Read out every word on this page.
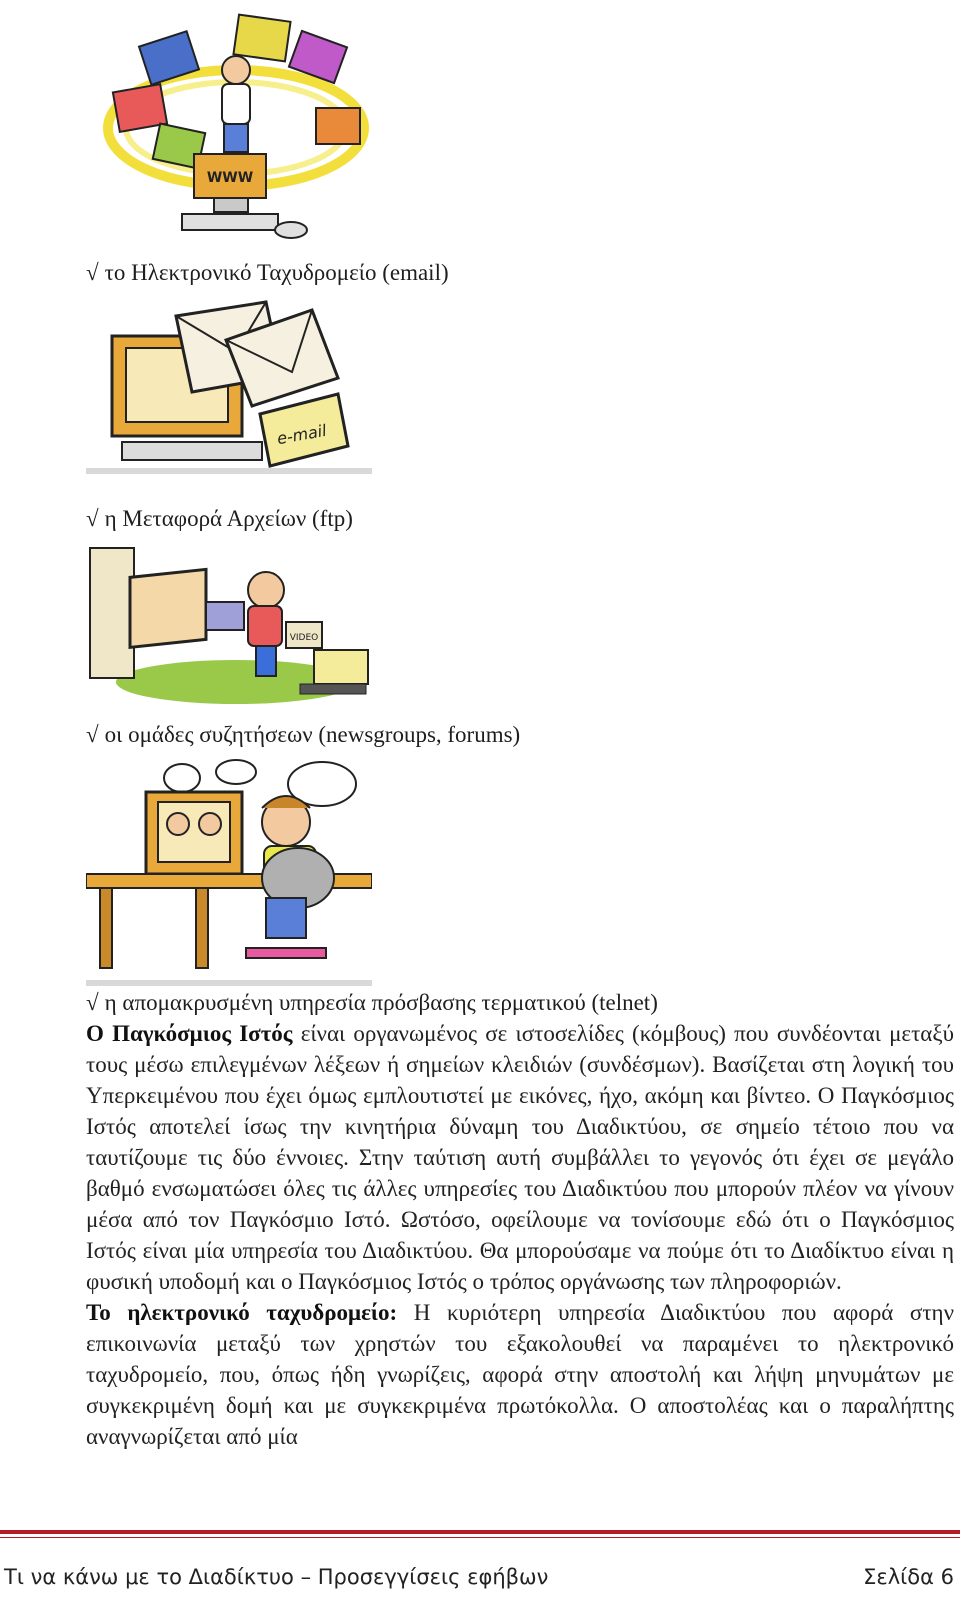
WWW
√ το Ηλεκτρονικό Ταχυδρομείο (email)
e-mail
√ η Μεταφορά Αρχείων (ftp)
VIDEO
√ οι ομάδες συζητήσεων (newsgroups, forums)
√ η απομακρυσμένη υπηρεσία πρόσβασης τερματικού (telnet)

Ο Παγκόσμιος Ιστός είναι οργανωμένος σε ιστοσελίδες (κόμβους) που συνδέονται μεταξύ τους μέσω επιλεγμένων λέξεων ή σημείων κλειδιών (συνδέσμων). Βασίζεται στη λογική του Υπερκειμένου που έχει όμως εμπλουτιστεί με εικόνες, ήχο, ακόμη και βίντεο. Ο Παγκόσμιος Ιστός αποτελεί ίσως την κινητήρια δύναμη του Διαδικτύου, σε σημείο τέτοιο που να ταυτίζουμε τις δύο έννοιες. Στην ταύτιση αυτή συμβάλλει το γεγονός ότι έχει σε μεγάλο βαθμό ενσωματώσει όλες τις άλλες υπηρεσίες του Διαδικτύου που μπορούν πλέον να γίνουν μέσα από τον Παγκόσμιο Ιστό. Ωστόσο, οφείλουμε να τονίσουμε εδώ ότι ο Παγκόσμιος Ιστός είναι μία υπηρεσία του Διαδικτύου. Θα μπορούσαμε να πούμε ότι το Διαδίκτυο είναι η φυσική υποδομή και ο Παγκόσμιος Ιστός ο τρόπος οργάνωσης των πληροφοριών.

Το ηλεκτρονικό ταχυδρομείο: Η κυριότερη υπηρεσία Διαδικτύου που αφορά στην επικοινωνία μεταξύ των χρηστών του εξακολουθεί να παραμένει το ηλεκτρονικό ταχυδρομείο, που, όπως ήδη γνωρίζεις, αφορά στην αποστολή και λήψη μηνυμάτων με συγκεκριμένη δομή και με συγκεκριμένα πρωτόκολλα. Ο αποστολέας και ο παραλήπτης αναγνωρίζεται από μία

Τι να κάνω με το Διαδίκτυο – Προσεγγίσεις εφήβων	Σελίδα 6
